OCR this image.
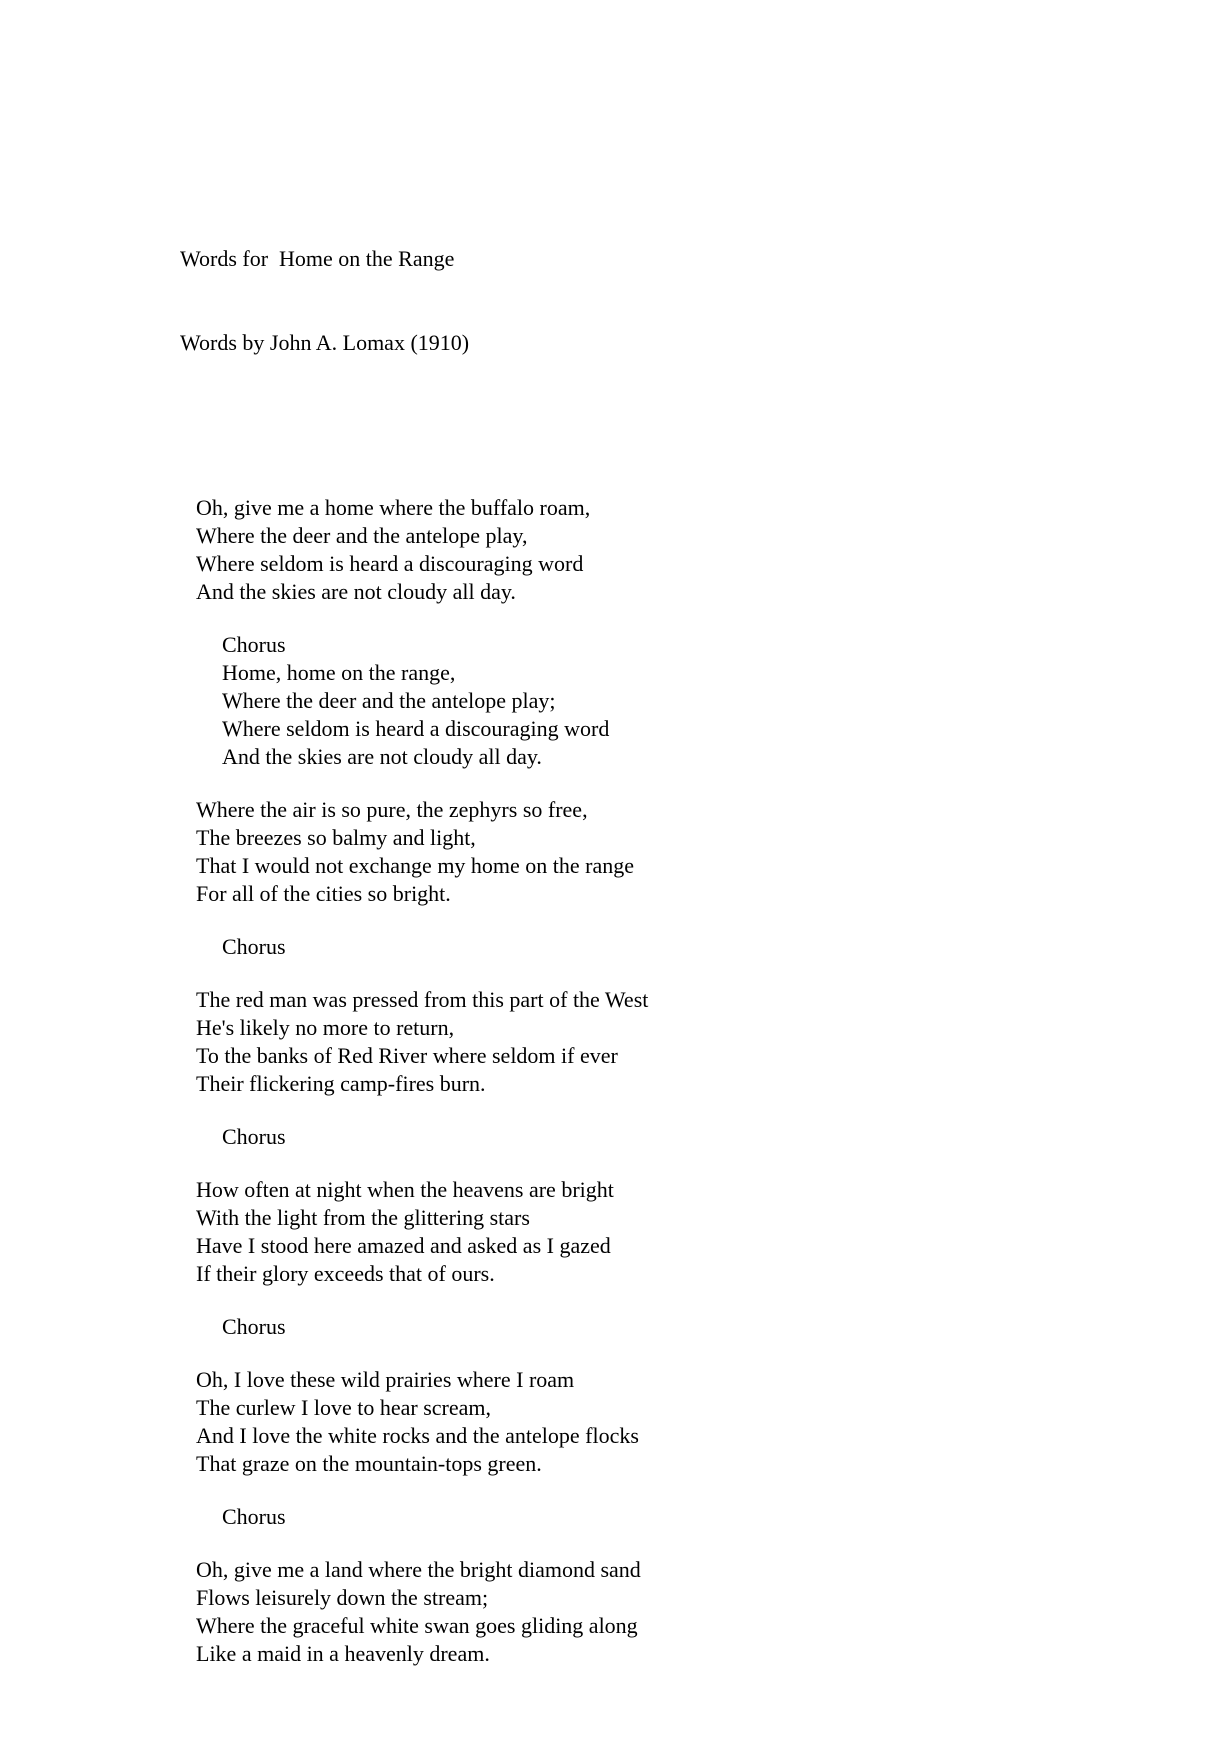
Words for  Home on the Range

Words by John A. Lomax (1910)

Oh, give me a home where the buffalo roam,
Where the deer and the antelope play,
Where seldom is heard a discouraging word
And the skies are not cloudy all day.
Chorus
Home, home on the range,
Where the deer and the antelope play;
Where seldom is heard a discouraging word
And the skies are not cloudy all day.
Where the air is so pure, the zephyrs so free,
The breezes so balmy and light,
That I would not exchange my home on the range
For all of the cities so bright.
Chorus
The red man was pressed from this part of the West
He's likely no more to return,
To the banks of Red River where seldom if ever
Their flickering camp-fires burn.
Chorus
How often at night when the heavens are bright
With the light from the glittering stars
Have I stood here amazed and asked as I gazed
If their glory exceeds that of ours.
Chorus
Oh, I love these wild prairies where I roam
The curlew I love to hear scream,
And I love the white rocks and the antelope flocks
That graze on the mountain-tops green.
Chorus
Oh, give me a land where the bright diamond sand
Flows leisurely down the stream;
Where the graceful white swan goes gliding along
Like a maid in a heavenly dream.
